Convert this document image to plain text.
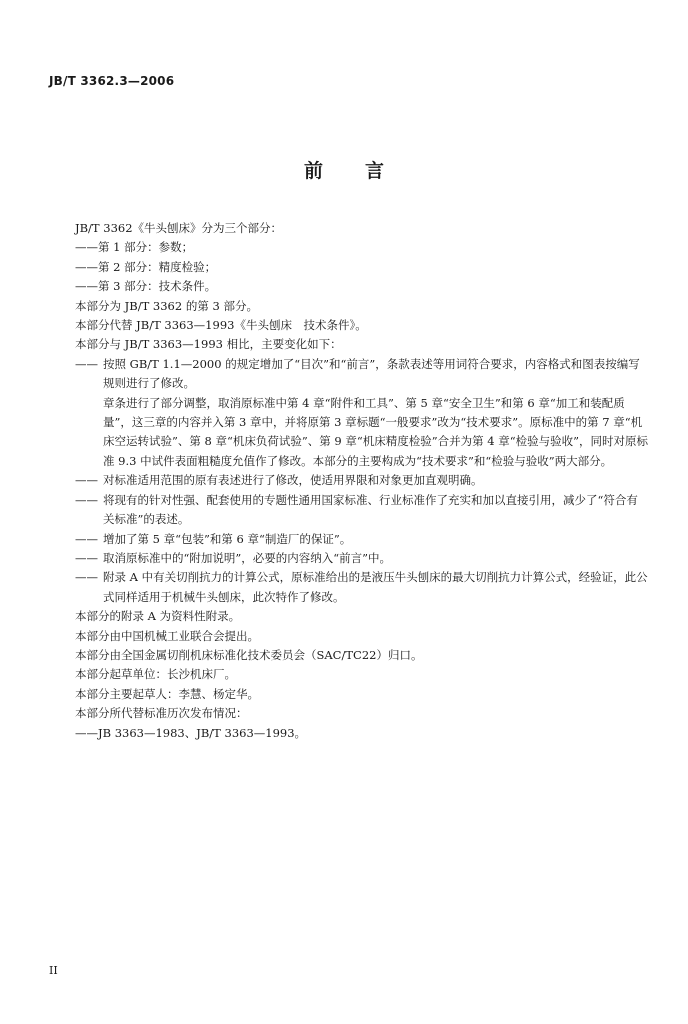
JB/T 3362.3—2006
前言

JB/T 3362《牛头刨床》分为三个部分：

——第 1 部分：参数；

——第 2 部分：精度检验；

——第 3 部分：技术条件。

本部分为 JB/T 3362 的第 3 部分。

本部分代替 JB/T 3363—1993《牛头刨床　技术条件》。

本部分与 JB/T 3363—1993 相比，主要变化如下：

—— 按照 GB/T 1.1—2000 的规定增加了“目次”和“前言”，条款表述等用词符合要求，内容格式和图表按编写规则进行了修改。

章条进行了部分调整，取消原标准中第 4 章“附件和工具”、第 5 章“安全卫生”和第 6 章“加工和装配质量”，这三章的内容并入第 3 章中，并将原第 3 章标题“一般要求”改为“技术要求”。原标准中的第 7 章“机床空运转试验”、第 8 章“机床负荷试验”、第 9 章“机床精度检验”合并为第 4 章“检验与验收”，同时对原标准 9.3 中试件表面粗糙度允值作了修改。本部分的主要构成为“技术要求”和“检验与验收”两大部分。

—— 对标准适用范围的原有表述进行了修改，使适用界限和对象更加直观明确。

—— 将现有的针对性强、配套使用的专题性通用国家标准、行业标准作了充实和加以直接引用，减少了“符合有关标准”的表述。

—— 增加了第 5 章“包装”和第 6 章“制造厂的保证”。

—— 取消原标准中的“附加说明”，必要的内容纳入“前言”中。

—— 附录 A 中有关切削抗力的计算公式，原标准给出的是液压牛头刨床的最大切削抗力计算公式，经验证，此公式同样适用于机械牛头刨床，此次特作了修改。

本部分的附录 A 为资料性附录。

本部分由中国机械工业联合会提出。

本部分由全国金属切削机床标准化技术委员会（SAC/TC22）归口。

本部分起草单位：长沙机床厂。

本部分主要起草人：李慧、杨定华。

本部分所代替标准历次发布情况：

——JB 3363—1983、JB/T 3363—1993。

II
